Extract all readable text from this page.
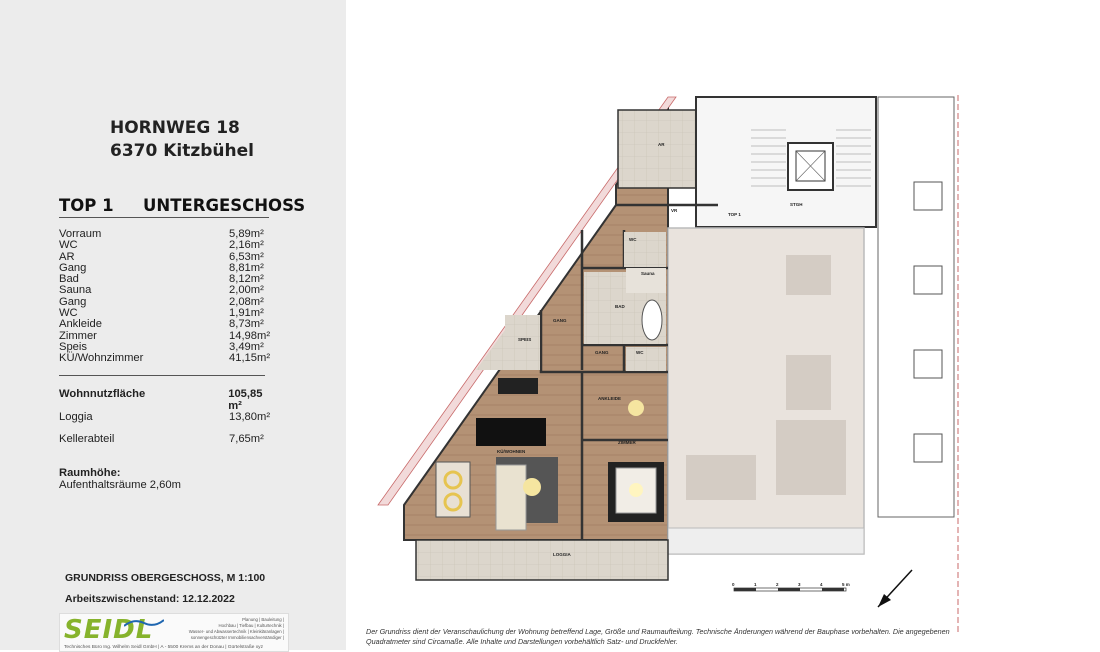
HORNWEG 18
6370 Kitzbühel
TOP 1 UNTERGESCHOSS
Vorraum	5,89m²
WC	2,16m²
AR	6,53m²
Gang	8,81m²
Bad	8,12m²
Sauna	2,00m²
Gang	2,08m²
WC	1,91m²
Ankleide	8,73m²
Zimmer	14,98m²
Speis	3,49m²
KÜ/Wohnzimmer	41,15m²
Wohnnutzfläche	105,85 m²
Loggia	13,80m²
Kellerabteil	7,65m²
Raumhöhe:
Aufenthaltsräume 2,60m
GRUNDRISS OBERGESCHOSS, M 1:100
Arbeitszwischenstand: 12.12.2022
SEIDL	Planung | Bauleitung |
Hochbau | Tiefbau | Kulturtechnik |
Wasser- und Abwassertechnik | Kleinkläranlagen |
sonnengeschützter Immobiliensachverständiger |
Technisches Büro Ing. Wilhelm Seidl GmbH | A - 5500 Krems an der Donau | Gürtelstraße xyz
AR
VR
WC
Sauna
BAD
GANG
GANG	WC
SPEIS
ANKLEIDE
ZIMMER
KÜ/WOHNEN
LOGGIA
STGH
TOP 1
0	1	2	3	4	5 m
Der Grundriss dient der Veranschaulichung der Wohnung betreffend Lage, Größe und Raumaufteilung. Technische Änderungen während der Bauphase vorbehalten. Die angegebenen Quadratmeter sind Circamaße. Alle Inhalte und Darstellungen vorbehältlich Satz- und Druckfehler.
